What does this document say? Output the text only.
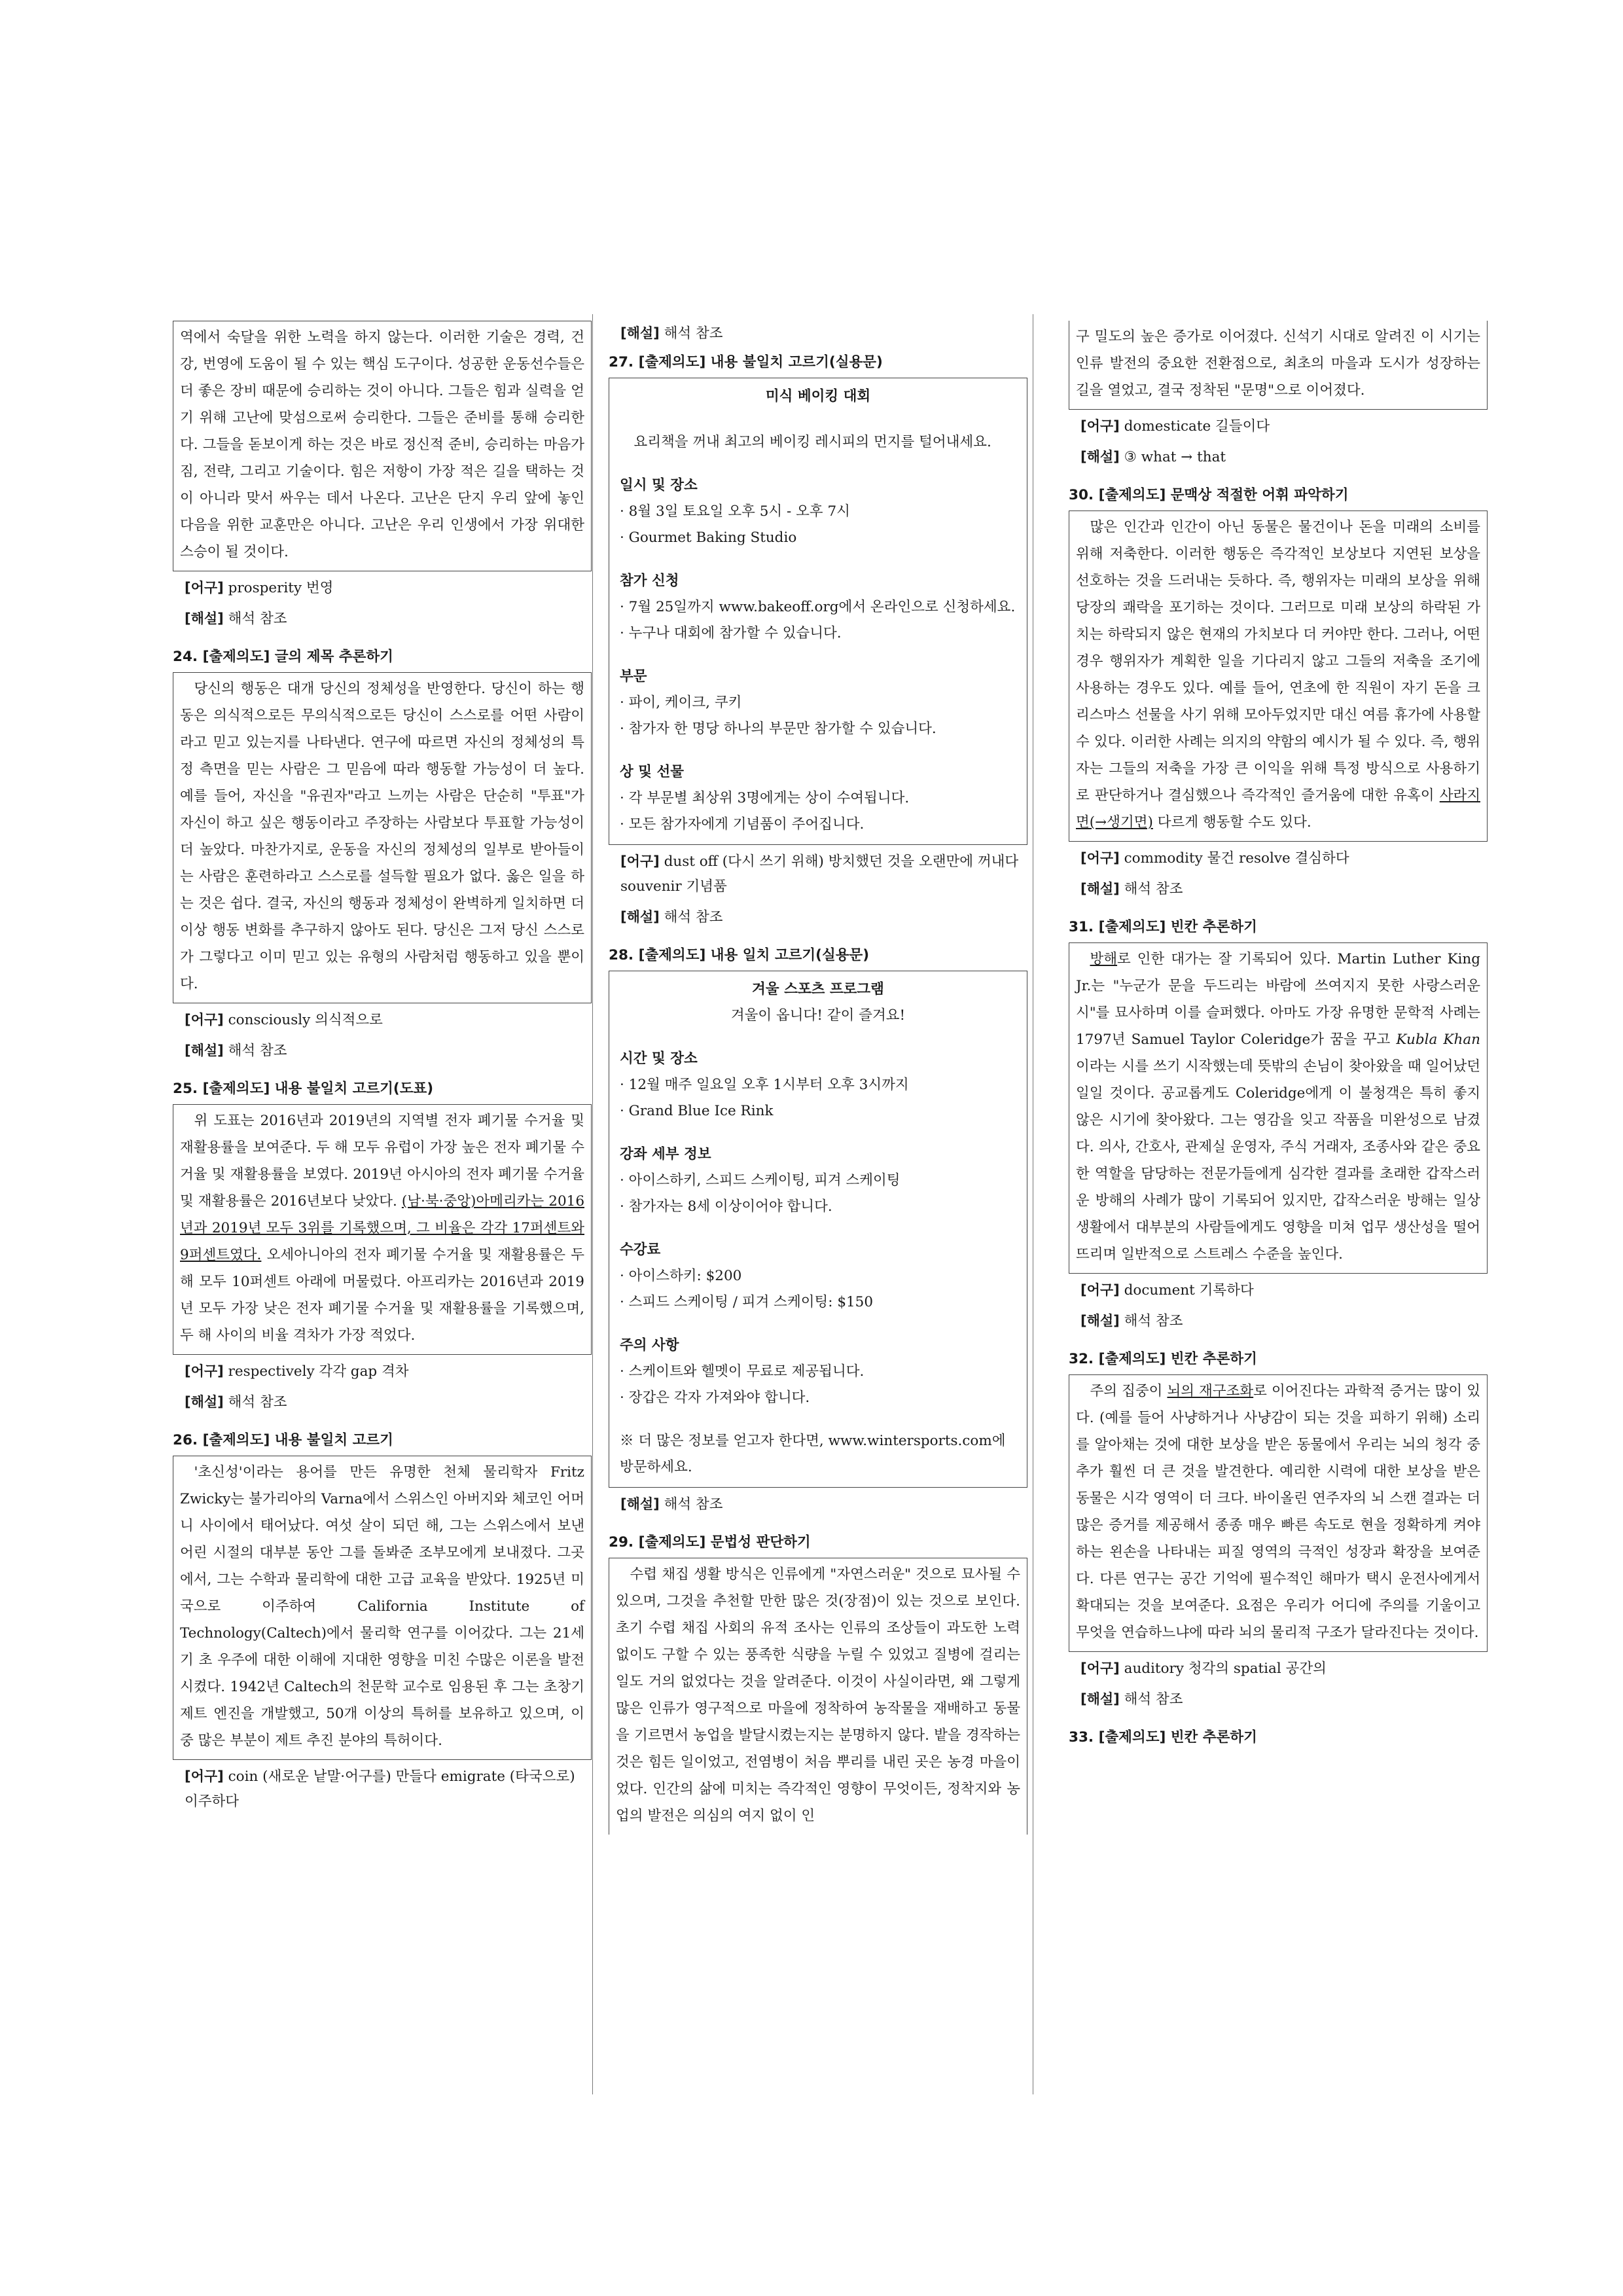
역에서 숙달을 위한 노력을 하지 않는다. 이러한 기술은 경력, 건강, 번영에 도움이 될 수 있는 핵심 도구이다. 성공한 운동선수들은 더 좋은 장비 때문에 승리하는 것이 아니다. 그들은 힘과 실력을 얻기 위해 고난에 맞섬으로써 승리한다. 그들은 준비를 통해 승리한다. 그들을 돋보이게 하는 것은 바로 정신적 준비, 승리하는 마음가짐, 전략, 그리고 기술이다. 힘은 저항이 가장 적은 길을 택하는 것이 아니라 맞서 싸우는 데서 나온다. 고난은 단지 우리 앞에 놓인 다음을 위한 교훈만은 아니다. 고난은 우리 인생에서 가장 위대한 스승이 될 것이다.

[어구] prosperity 번영
[해설] 해석 참조
24. [출제의도] 글의 제목 추론하기

당신의 행동은 대개 당신의 정체성을 반영한다. 당신이 하는 행동은 의식적으로든 무의식적으로든 당신이 스스로를 어떤 사람이라고 믿고 있는지를 나타낸다. 연구에 따르면 자신의 정체성의 특정 측면을 믿는 사람은 그 믿음에 따라 행동할 가능성이 더 높다. 예를 들어, 자신을 "유권자"라고 느끼는 사람은 단순히 "투표"가 자신이 하고 싶은 행동이라고 주장하는 사람보다 투표할 가능성이 더 높았다. 마찬가지로, 운동을 자신의 정체성의 일부로 받아들이는 사람은 훈련하라고 스스로를 설득할 필요가 없다. 옳은 일을 하는 것은 쉽다. 결국, 자신의 행동과 정체성이 완벽하게 일치하면 더 이상 행동 변화를 추구하지 않아도 된다. 당신은 그저 당신 스스로가 그렇다고 이미 믿고 있는 유형의 사람처럼 행동하고 있을 뿐이다.

[어구] consciously 의식적으로
[해설] 해석 참조
25. [출제의도] 내용 불일치 고르기(도표)

위 도표는 2016년과 2019년의 지역별 전자 폐기물 수거율 및 재활용률을 보여준다. 두 해 모두 유럽이 가장 높은 전자 폐기물 수거율 및 재활용률을 보였다. 2019년 아시아의 전자 폐기물 수거율 및 재활용률은 2016년보다 낮았다. (남·북·중앙)아메리카는 2016년과 2019년 모두 3위를 기록했으며, 그 비율은 각각 17퍼센트와 9퍼센트였다. 오세아니아의 전자 폐기물 수거율 및 재활용률은 두 해 모두 10퍼센트 아래에 머물렀다. 아프리카는 2016년과 2019년 모두 가장 낮은 전자 폐기물 수거율 및 재활용률을 기록했으며, 두 해 사이의 비율 격차가 가장 적었다.

[어구] respectively 각각 gap 격차
[해설] 해석 참조
26. [출제의도] 내용 불일치 고르기

'초신성'이라는 용어를 만든 유명한 천체 물리학자 Fritz Zwicky는 불가리아의 Varna에서 스위스인 아버지와 체코인 어머니 사이에서 태어났다. 여섯 살이 되던 해, 그는 스위스에서 보낸 어린 시절의 대부분 동안 그를 돌봐준 조부모에게 보내졌다. 그곳에서, 그는 수학과 물리학에 대한 고급 교육을 받았다. 1925년 미국으로 이주하여 California Institute of Technology(Caltech)에서 물리학 연구를 이어갔다. 그는 21세기 초 우주에 대한 이해에 지대한 영향을 미친 수많은 이론을 발전시켰다. 1942년 Caltech의 천문학 교수로 임용된 후 그는 초창기 제트 엔진을 개발했고, 50개 이상의 특허를 보유하고 있으며, 이 중 많은 부분이 제트 추진 분야의 특허이다.

[어구] coin (새로운 낱말·어구를) 만들다 emigrate (타국으로) 이주하다
[해설] 해석 참조
27. [출제의도] 내용 불일치 고르기(실용문)
미식 베이킹 대회
요리책을 꺼내 최고의 베이킹 레시피의 먼지를 털어내세요.
일시 및 장소
· 8월 3일 토요일 오후 5시 - 오후 7시
· Gourmet Baking Studio
참가 신청
· 7월 25일까지 www.bakeoff.org에서 온라인으로 신청하세요.
· 누구나 대회에 참가할 수 있습니다.
부문
· 파이, 케이크, 쿠키
· 참가자 한 명당 하나의 부문만 참가할 수 있습니다.
상 및 선물
· 각 부문별 최상위 3명에게는 상이 수여됩니다.
· 모든 참가자에게 기념품이 주어집니다.
[어구] dust off (다시 쓰기 위해) 방치했던 것을 오랜만에 꺼내다 souvenir 기념품
[해설] 해석 참조
28. [출제의도] 내용 일치 고르기(실용문)
겨울 스포츠 프로그램
겨울이 옵니다! 같이 즐겨요!
시간 및 장소
· 12월 매주 일요일 오후 1시부터 오후 3시까지
· Grand Blue Ice Rink
강좌 세부 정보
· 아이스하키, 스피드 스케이팅, 피겨 스케이팅
· 참가자는 8세 이상이어야 합니다.
수강료
· 아이스하키: $200
· 스피드 스케이팅 / 피겨 스케이팅: $150
주의 사항
· 스케이트와 헬멧이 무료로 제공됩니다.
· 장갑은 각자 가져와야 합니다.
※ 더 많은 정보를 얻고자 한다면, www.wintersports.com에 방문하세요.
[해설] 해석 참조
29. [출제의도] 문법성 판단하기

수렵 채집 생활 방식은 인류에게 "자연스러운" 것으로 묘사될 수 있으며, 그것을 추천할 만한 많은 것(장점)이 있는 것으로 보인다. 초기 수렵 채집 사회의 유적 조사는 인류의 조상들이 과도한 노력 없이도 구할 수 있는 풍족한 식량을 누릴 수 있었고 질병에 걸리는 일도 거의 없었다는 것을 알려준다. 이것이 사실이라면, 왜 그렇게 많은 인류가 영구적으로 마을에 정착하여 농작물을 재배하고 동물을 기르면서 농업을 발달시켰는지는 분명하지 않다. 밭을 경작하는 것은 힘든 일이었고, 전염병이 처음 뿌리를 내린 곳은 농경 마을이었다. 인간의 삶에 미치는 즉각적인 영향이 무엇이든, 정착지와 농업의 발전은 의심의 여지 없이 인

구 밀도의 높은 증가로 이어졌다. 신석기 시대로 알려진 이 시기는 인류 발전의 중요한 전환점으로, 최초의 마을과 도시가 성장하는 길을 열었고, 결국 정착된 "문명"으로 이어졌다.

[어구] domesticate 길들이다
[해설] ③ what → that
30. [출제의도] 문맥상 적절한 어휘 파악하기

많은 인간과 인간이 아닌 동물은 물건이나 돈을 미래의 소비를 위해 저축한다. 이러한 행동은 즉각적인 보상보다 지연된 보상을 선호하는 것을 드러내는 듯하다. 즉, 행위자는 미래의 보상을 위해 당장의 쾌락을 포기하는 것이다. 그러므로 미래 보상의 하락된 가치는 하락되지 않은 현재의 가치보다 더 커야만 한다. 그러나, 어떤 경우 행위자가 계획한 일을 기다리지 않고 그들의 저축을 조기에 사용하는 경우도 있다. 예를 들어, 연초에 한 직원이 자기 돈을 크리스마스 선물을 사기 위해 모아두었지만 대신 여름 휴가에 사용할 수 있다. 이러한 사례는 의지의 약함의 예시가 될 수 있다. 즉, 행위자는 그들의 저축을 가장 큰 이익을 위해 특정 방식으로 사용하기로 판단하거나 결심했으나 즉각적인 즐거움에 대한 유혹이 사라지면(→생기면) 다르게 행동할 수도 있다.

[어구] commodity 물건 resolve 결심하다
[해설] 해석 참조
31. [출제의도] 빈칸 추론하기

방해로 인한 대가는 잘 기록되어 있다. Martin Luther King Jr.는 "누군가 문을 두드리는 바람에 쓰여지지 못한 사랑스러운 시"를 묘사하며 이를 슬퍼했다. 아마도 가장 유명한 문학적 사례는 1797년 Samuel Taylor Coleridge가 꿈을 꾸고 Kubla Khan이라는 시를 쓰기 시작했는데 뜻밖의 손님이 찾아왔을 때 일어났던 일일 것이다. 공교롭게도 Coleridge에게 이 불청객은 특히 좋지 않은 시기에 찾아왔다. 그는 영감을 잊고 작품을 미완성으로 남겼다. 의사, 간호사, 관제실 운영자, 주식 거래자, 조종사와 같은 중요한 역할을 담당하는 전문가들에게 심각한 결과를 초래한 갑작스러운 방해의 사례가 많이 기록되어 있지만, 갑작스러운 방해는 일상 생활에서 대부분의 사람들에게도 영향을 미쳐 업무 생산성을 떨어뜨리며 일반적으로 스트레스 수준을 높인다.

[어구] document 기록하다
[해설] 해석 참조
32. [출제의도] 빈칸 추론하기

주의 집중이 뇌의 재구조화로 이어진다는 과학적 증거는 많이 있다. (예를 들어 사냥하거나 사냥감이 되는 것을 피하기 위해) 소리를 알아채는 것에 대한 보상을 받은 동물에서 우리는 뇌의 청각 중추가 훨씬 더 큰 것을 발견한다. 예리한 시력에 대한 보상을 받은 동물은 시각 영역이 더 크다. 바이올린 연주자의 뇌 스캔 결과는 더 많은 증거를 제공해서 종종 매우 빠른 속도로 현을 정확하게 켜야 하는 왼손을 나타내는 피질 영역의 극적인 성장과 확장을 보여준다. 다른 연구는 공간 기억에 필수적인 해마가 택시 운전사에게서 확대되는 것을 보여준다. 요점은 우리가 어디에 주의를 기울이고 무엇을 연습하느냐에 따라 뇌의 물리적 구조가 달라진다는 것이다.

[어구] auditory 청각의 spatial 공간의
[해설] 해석 참조
33. [출제의도] 빈칸 추론하기
